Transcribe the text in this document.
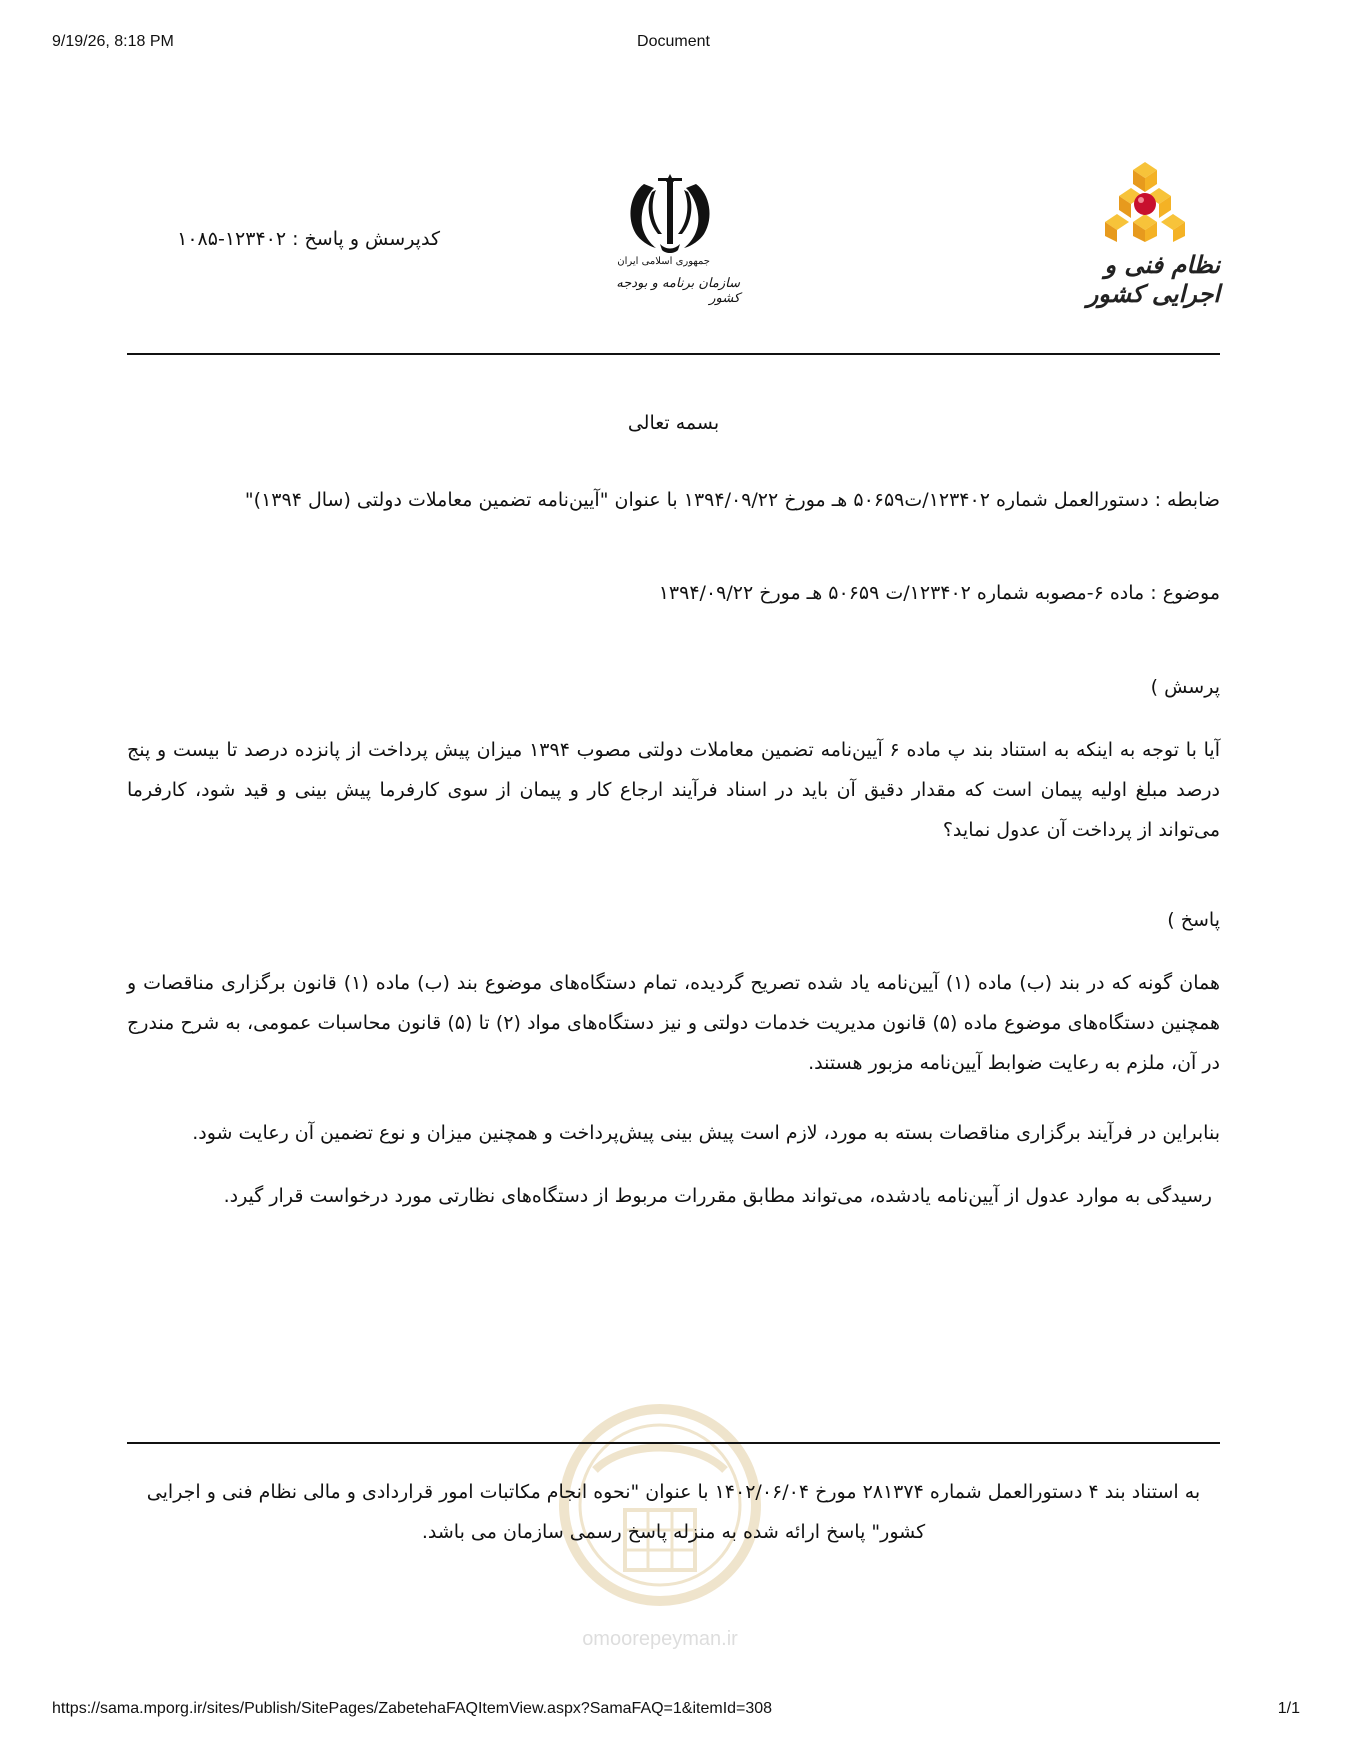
9/19/26, 8:18 PM	Document
کدپرسش و پاسخ : ۱۲۳۴۰۲-۱۰۸۵
جمهوری اسلامی ایران
سازمان برنامه و بودجه کشور
نظام فنی و اجرایی کشور
بسمه تعالی
ضابطه : دستورالعمل شماره ۱۲۳۴۰۲/ت۵۰۶۵۹ هـ مورخ ۱۳۹۴/۰۹/۲۲ با عنوان "آیین‌نامه تضمین معاملات دولتی (سال ۱۳۹۴)"
موضوع : ماده ۶-مصوبه شماره ۱۲۳۴۰۲/ت ۵۰۶۵۹ هـ مورخ ۱۳۹۴/۰۹/۲۲
پرسش )
آیا با توجه به اینکه به استناد بند پ ماده ۶ آیین‌نامه تضمین معاملات دولتی مصوب ۱۳۹۴ میزان پیش پرداخت از پانزده درصد تا بیست و پنج درصد مبلغ اولیه پیمان است که مقدار دقیق آن باید در اسناد فرآیند ارجاع کار و پیمان از سوی کارفرما پیش بینی و قید شود، کارفرما می‌تواند از پرداخت آن عدول نماید؟
پاسخ )
همان گونه که در بند (ب) ماده (۱) آیین‌نامه یاد شده تصریح گردیده، تمام دستگاه‌های موضوع بند (ب) ماده (۱) قانون برگزاری مناقصات و همچنین دستگاه‌های موضوع ماده (۵) قانون مدیریت خدمات دولتی و نیز دستگاه‌های مواد (۲) تا (۵) قانون محاسبات عمومی، به شرح مندرج در آن، ملزم به رعایت ضوابط آیین‌نامه مزبور هستند.
بنابراین در فرآیند برگزاری مناقصات بسته به مورد، لازم است پیش بینی پیش‌پرداخت و همچنین میزان و نوع تضمین آن رعایت شود.
رسیدگی به موارد عدول از آیین‌نامه یادشده، می‌تواند مطابق مقررات مربوط از دستگاه‌های نظارتی مورد درخواست قرار گیرد.
omoorepeyman.ir
به استناد بند ۴ دستورالعمل شماره ۲۸۱۳۷۴ مورخ ۱۴۰۲/۰۶/۰۴ با عنوان "نحوه انجام مکاتبات امور قراردادی و مالی نظام فنی و اجرایی کشور" پاسخ ارائه شده به منزله پاسخ رسمی سازمان می باشد.
https://sama.mporg.ir/sites/Publish/SitePages/ZabetehaFAQItemView.aspx?SamaFAQ=1&itemId=308	1/1
